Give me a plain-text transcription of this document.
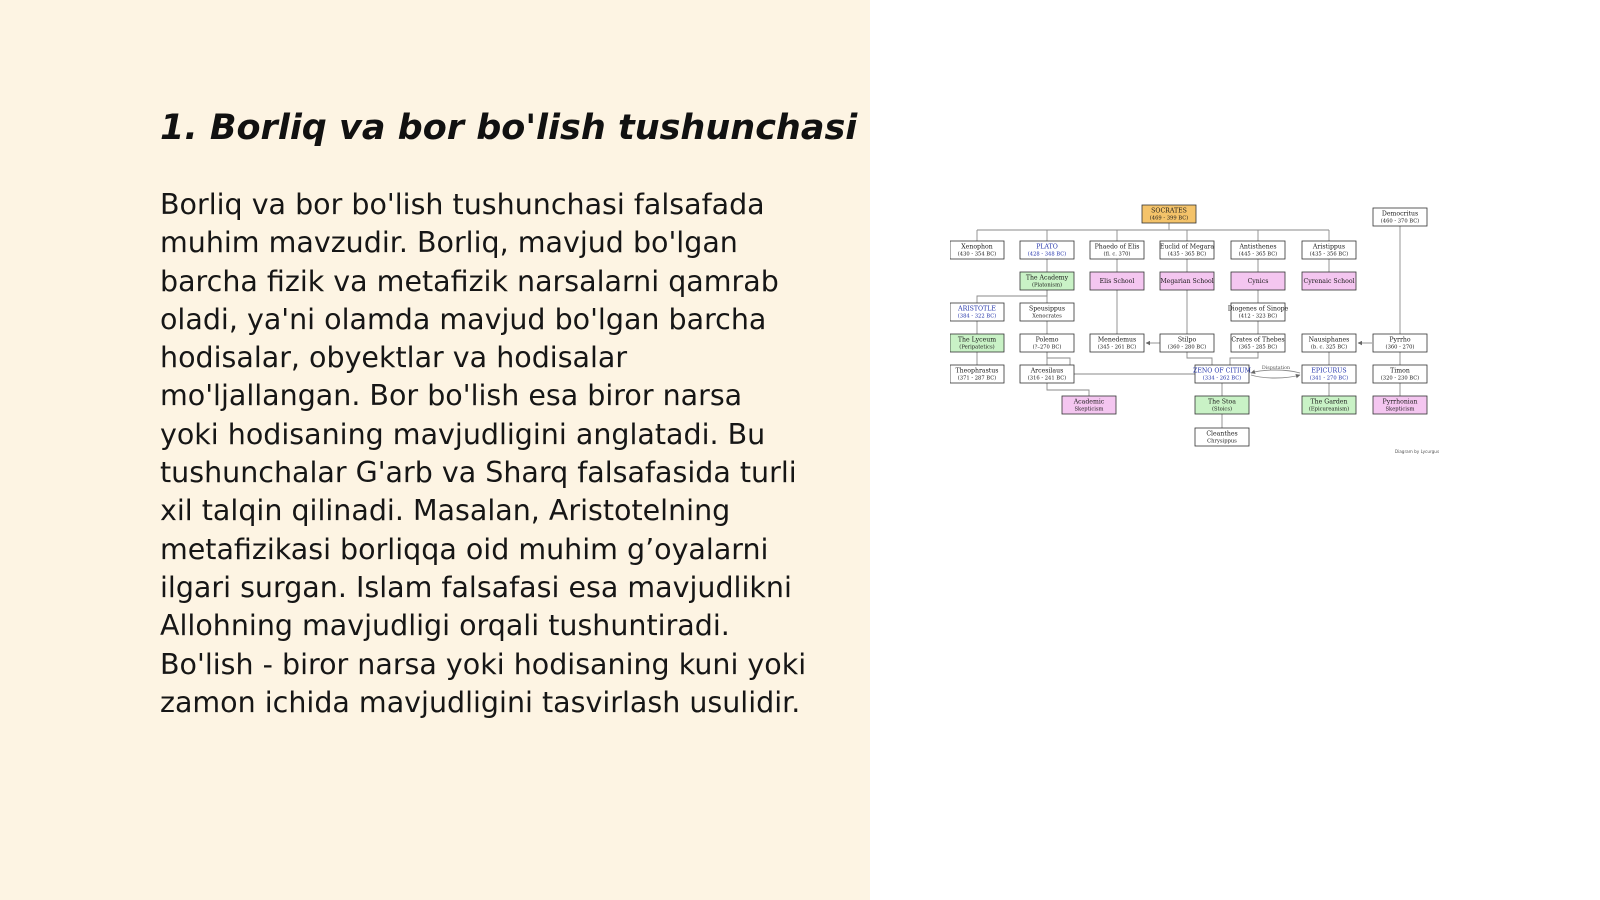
1. Borliq va bor bo'lish tushunchasi
Borliq va bor bo'lish tushunchasi falsafada
muhim mavzudir. Borliq, mavjud bo'lgan
barcha fizik va metafizik narsalarni qamrab
oladi, ya'ni olamda mavjud bo'lgan barcha
hodisalar, obyektlar va hodisalar
mo'ljallangan. Bor bo'lish esa biror narsa
yoki hodisaning mavjudligini anglatadi. Bu
tushunchalar G'arb va Sharq falsafasida turli
xil talqin qilinadi. Masalan, Aristotelning
metafizikasi borliqqa oid muhim g’oyalarni
ilgari surgan. Islam falsafasi esa mavjudlikni
Allohning mavjudligi orqali tushuntiradi.
Bo'lish - biror narsa yoki hodisaning kuni yoki
zamon ichida mavjudligini tasvirlash usulidir.
Disputation
Diagram by Lycurgus
SOCRATES
(469 - 399 BC)
Democritus
(460 - 370 BC)
Xenophon
(430 - 354 BC)
PLATO
(428 - 348 BC)
Phaedo of Elis
(fl. c. 370)
Euclid of Megara
(435 - 365 BC)
Antisthenes
(445 - 365 BC)
Aristippus
(435 - 356 BC)
The Academy
(Platonism)
Elis School	Megarian School	Cynics	Cyrenaic School
ARISTOTLE
(384 - 322 BC)
Speusippus
Xenocrates
Diogenes of Sinope
(412 - 323 BC)
The Lyceum
(Peripatetics)
Polemo
(?–270 BC)
Menedemus
(345 - 261 BC)
Stilpo
(360 - 280 BC)
Crates of Thebes
(365 - 285 BC)
Nausiphanes
(b. c. 325 BC)
Pyrrho
(360 - 270)
Theophrastus
(371 - 287 BC)
Arcesilaus
(316 - 241 BC)
ZENO OF CITIUM
(334 - 262 BC)
EPICURUS
(341 - 270 BC)
Timon
(320 - 230 BC)
Academic
Skepticism
The Stoa
(Stoics)
The Garden
(Epicureanism)
Pyrrhonian
Skepticism
Cleanthes
Chrysippus
